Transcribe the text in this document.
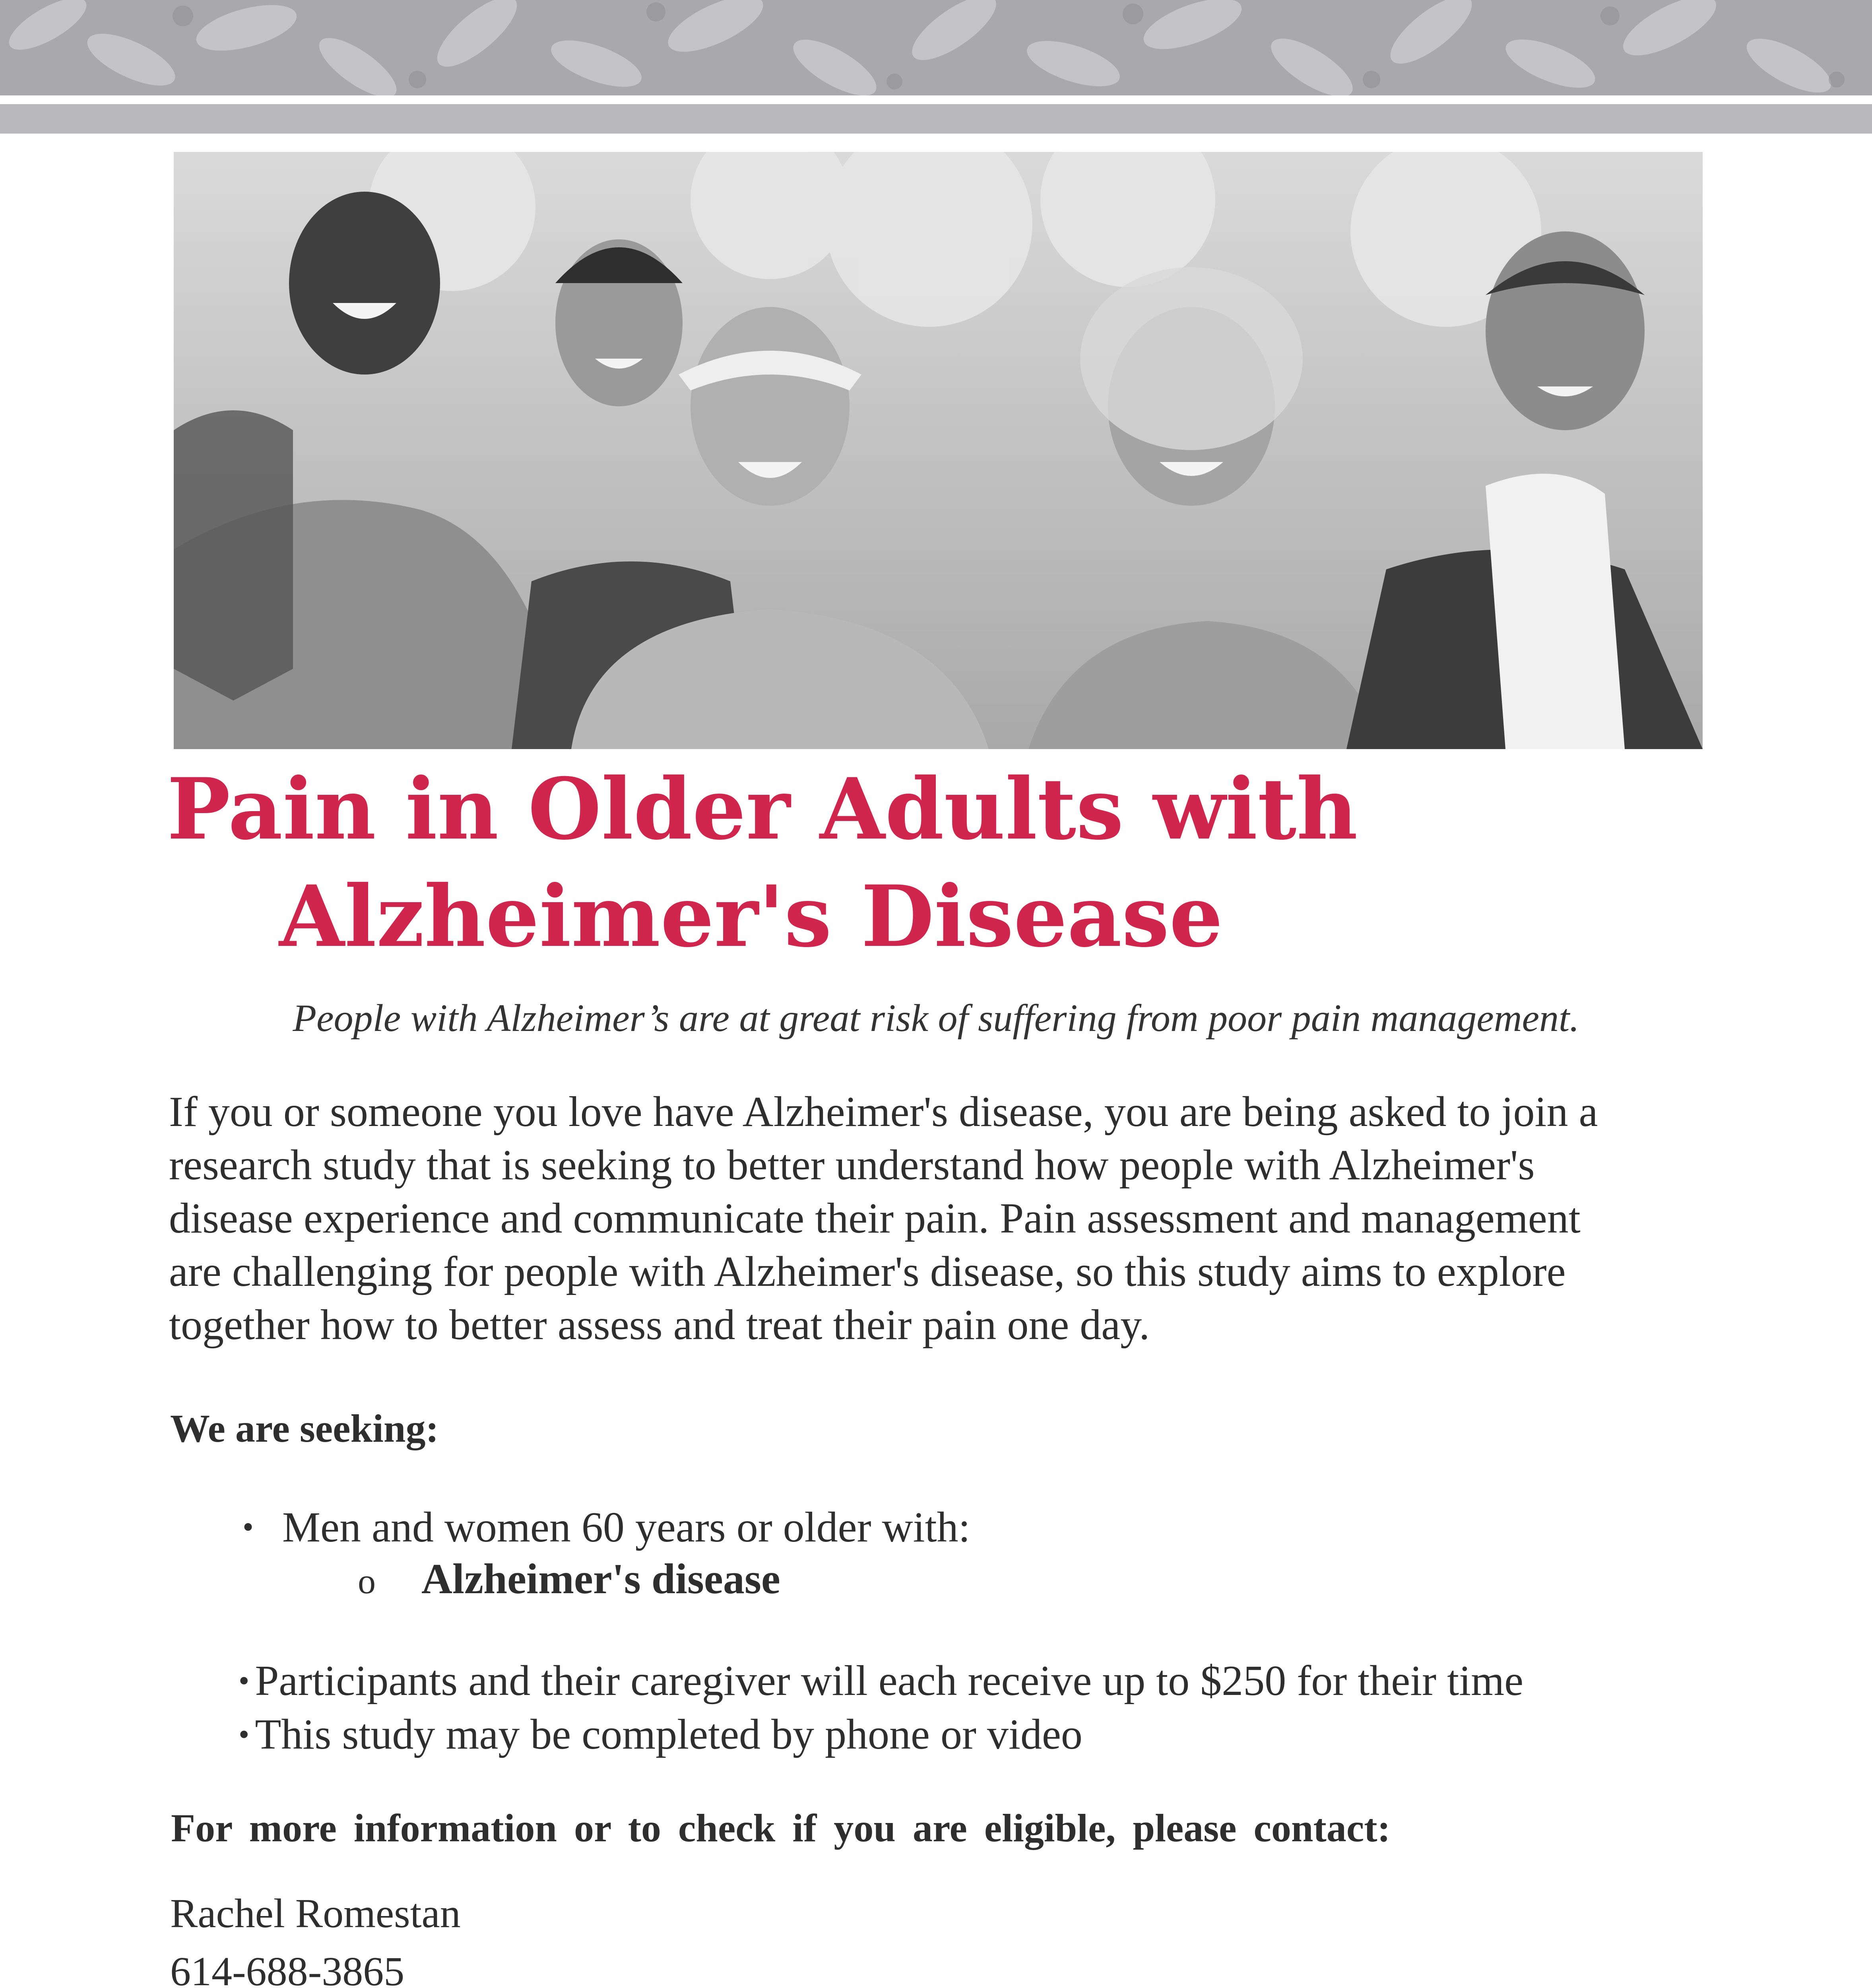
Pain in Older Adults with
Alzheimer's Disease
People with Alzheimer’s are at great risk of suffering from poor pain management.
If you or someone you love have Alzheimer's disease, you are being asked to join a
research study that is seeking to better understand how people with Alzheimer's
disease experience and communicate their pain. Pain assessment and management
are challenging for people with Alzheimer's disease, so this study aims to explore
together how to better assess and treat their pain one day.
We are seeking:
• Men and women 60 years or older with:
o Alzheimer's disease
• Participants and their caregiver will each receive up to $250 for their time
• This study may be completed by phone or video
For more information or to check if you are eligible, please contact:
Rachel Romestan
614-688-3865
